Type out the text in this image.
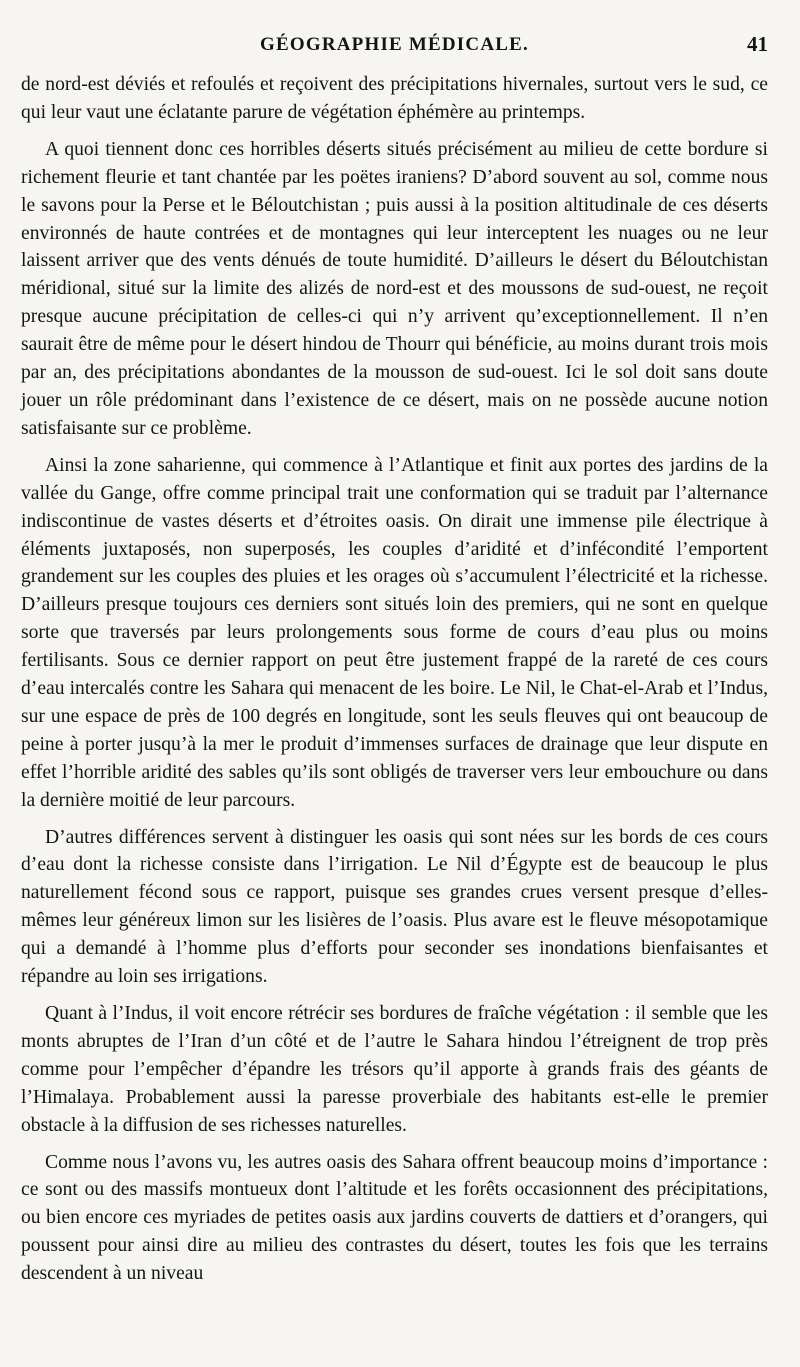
GÉOGRAPHIE MÉDICALE.	41

de nord-est déviés et refoulés et reçoivent des précipitations hivernales, surtout vers le sud, ce qui leur vaut une éclatante parure de végétation éphémère au printemps.

A quoi tiennent donc ces horribles déserts situés précisément au milieu de cette bordure si richement fleurie et tant chantée par les poëtes iraniens? D’abord souvent au sol, comme nous le savons pour la Perse et le Béloutchistan ; puis aussi à la position altitudinale de ces déserts environnés de haute contrées et de montagnes qui leur interceptent les nuages ou ne leur laissent arriver que des vents dénués de toute humidité. D’ailleurs le désert du Béloutchistan méridional, situé sur la limite des alizés de nord-est et des moussons de sud-ouest, ne reçoit presque aucune précipitation de celles-ci qui n’y arrivent qu’exceptionnellement. Il n’en saurait être de même pour le désert hindou de Thourr qui bénéficie, au moins durant trois mois par an, des précipitations abondantes de la mousson de sud-ouest. Ici le sol doit sans doute jouer un rôle prédominant dans l’existence de ce désert, mais on ne possède aucune notion satisfaisante sur ce problème.

Ainsi la zone saharienne, qui commence à l’Atlantique et finit aux portes des jardins de la vallée du Gange, offre comme principal trait une conformation qui se traduit par l’alternance indiscontinue de vastes déserts et d’étroites oasis. On dirait une immense pile électrique à éléments juxtaposés, non superposés, les couples d’aridité et d’infécondité l’emportent grandement sur les couples des pluies et les orages où s’accumulent l’électricité et la richesse. D’ailleurs presque toujours ces derniers sont situés loin des premiers, qui ne sont en quelque sorte que traversés par leurs prolongements sous forme de cours d’eau plus ou moins fertilisants. Sous ce dernier rapport on peut être justement frappé de la rareté de ces cours d’eau intercalés contre les Sahara qui menacent de les boire. Le Nil, le Chat-el-Arab et l’Indus, sur une espace de près de 100 degrés en longitude, sont les seuls fleuves qui ont beaucoup de peine à porter jusqu’à la mer le produit d’immenses surfaces de drainage que leur dispute en effet l’horrible aridité des sables qu’ils sont obligés de traverser vers leur embouchure ou dans la dernière moitié de leur parcours.

D’autres différences servent à distinguer les oasis qui sont nées sur les bords de ces cours d’eau dont la richesse consiste dans l’irrigation. Le Nil d’Égypte est de beaucoup le plus naturellement fécond sous ce rapport, puisque ses grandes crues versent presque d’elles-mêmes leur généreux limon sur les lisières de l’oasis. Plus avare est le fleuve mésopotamique qui a demandé à l’homme plus d’efforts pour seconder ses inondations bienfaisantes et répandre au loin ses irrigations.

Quant à l’Indus, il voit encore rétrécir ses bordures de fraîche végétation : il semble que les monts abruptes de l’Iran d’un côté et de l’autre le Sahara hindou l’étreignent de trop près comme pour l’empêcher d’épandre les trésors qu’il apporte à grands frais des géants de l’Himalaya. Probablement aussi la paresse proverbiale des habitants est-elle le premier obstacle à la diffusion de ses richesses naturelles.

Comme nous l’avons vu, les autres oasis des Sahara offrent beaucoup moins d’importance : ce sont ou des massifs montueux dont l’altitude et les forêts occasionnent des précipitations, ou bien encore ces myriades de petites oasis aux jardins couverts de dattiers et d’orangers, qui poussent pour ainsi dire au milieu des contrastes du désert, toutes les fois que les terrains descendent à un niveau
